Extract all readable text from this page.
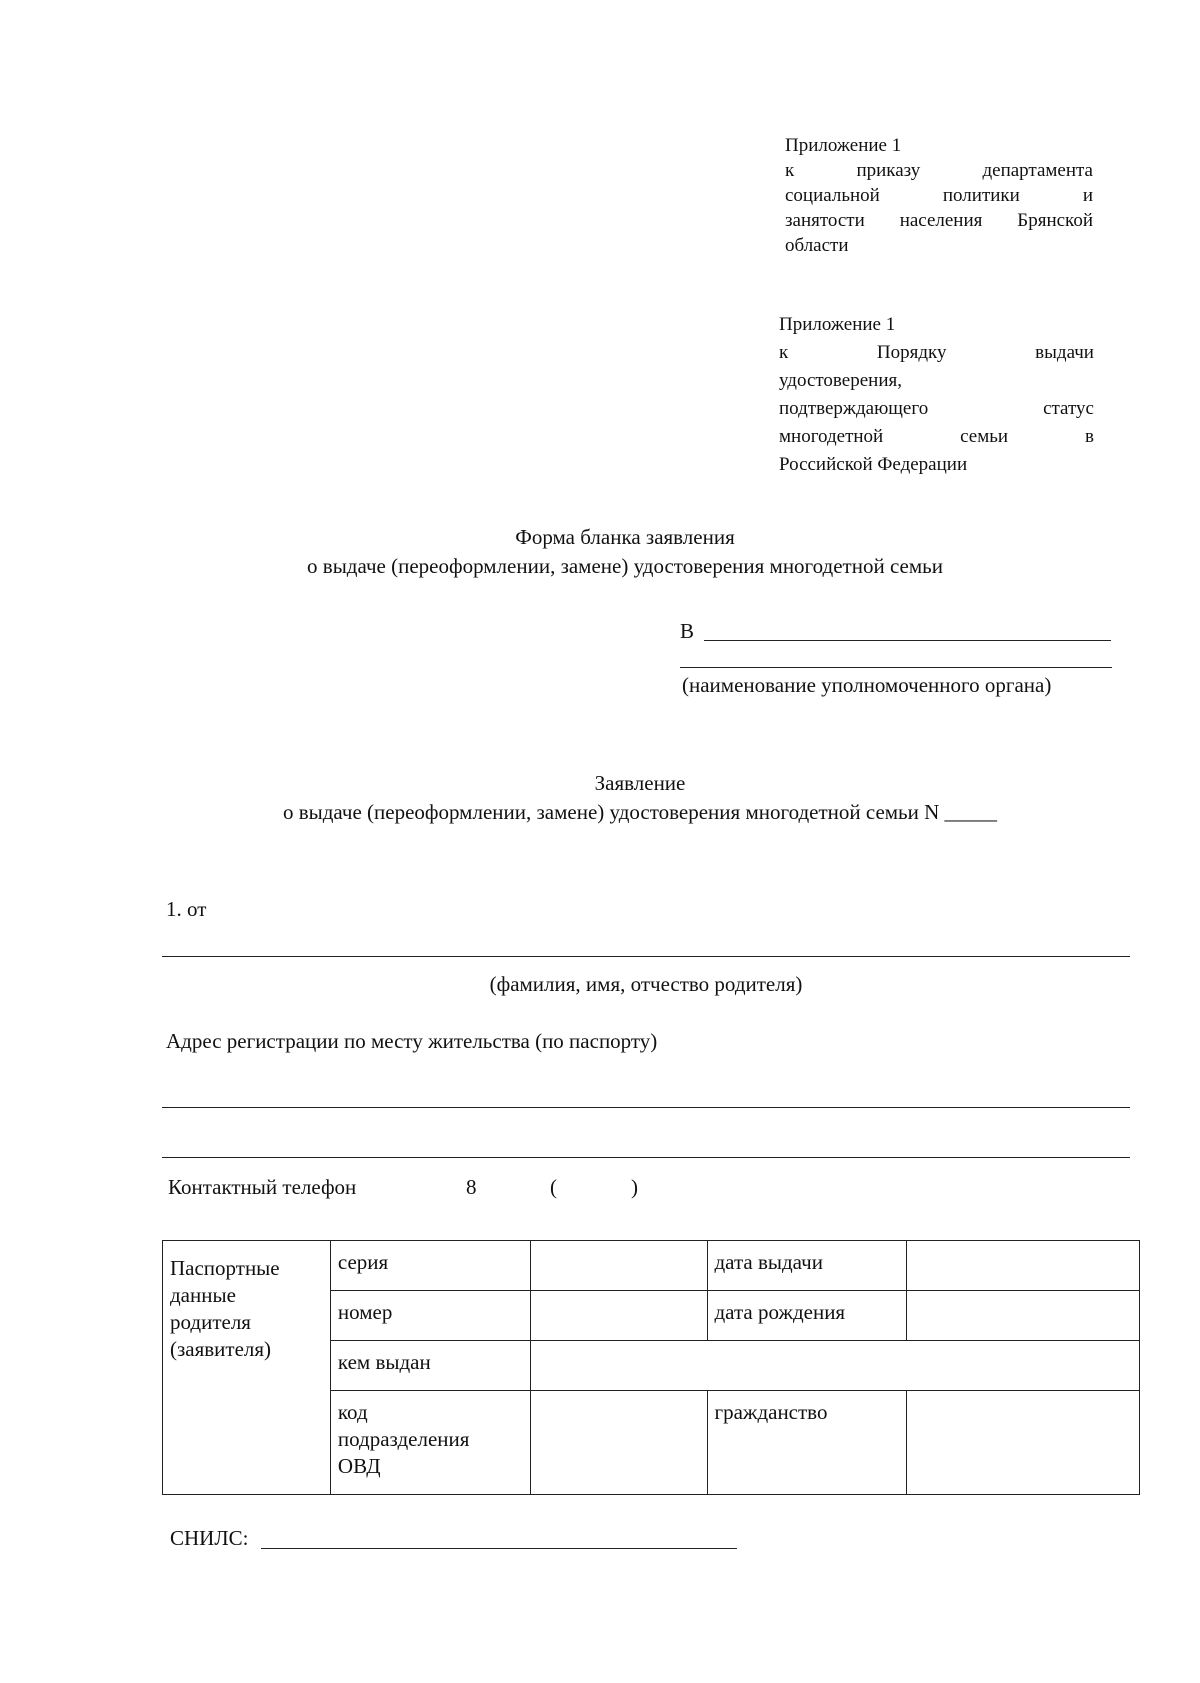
Приложение 1
к	приказу	департамента
социальной	политики	и
занятости населения Брянской
области
Приложение 1
к	Порядку	выдачи
удостоверения,
подтверждающего	статус
многодетной	семьи	в
Российской Федерации
Форма бланка заявления
о выдаче (переоформлении, замене) удостоверения многодетной семьи
В
(наименование уполномоченного органа)
Заявление
о выдаче (переоформлении, замене) удостоверения многодетной семьи N _____
1. от
(фамилия, имя, отчество родителя)
Адрес регистрации по месту жительства (по паспорту)
Контактный телефон	8	(	)
Паспортные
данные
родителя
(заявителя)	серия		дата выдачи	
	номер		дата рождения	
	кем выдан			

	код
подразделения
ОВД		гражданство	
СНИЛС:
